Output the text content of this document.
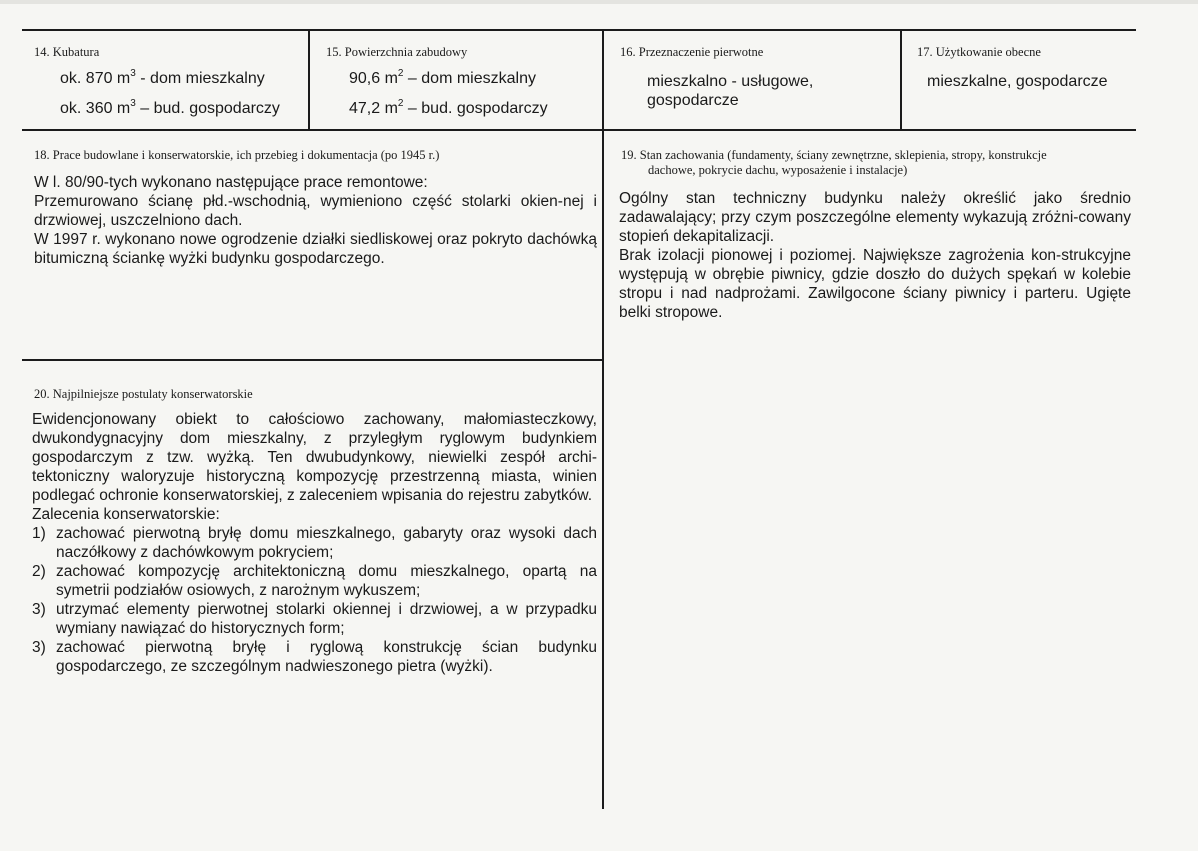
14. Kubatura
ok. 870 $m^3$ - dom mieszkalny
ok. 360 $m^3$ – bud. gospodarczy
15. Powierzchnia zabudowy
90,6 $m^2$ – dom mieszkalny
47,2 $m^2$ – bud. gospodarczy
16. Przeznaczenie pierwotne
mieszkalno - usługowe,
gospodarcze
17. Użytkowanie obecne
mieszkalne, gospodarcze
18. Prace budowlane i konserwatorskie, ich przebieg i dokumentacja (po 1945 r.)

W l. 80/90-tych wykonano następujące prace remontowe:

Przemurowano ścianę płd.-wschodnią, wymieniono część stolarki okien-nej i drzwiowej, uszczelniono dach.

W 1997 r. wykonano nowe ogrodzenie działki siedliskowej oraz pokryto dachówką bitumiczną ściankę wyżki budynku gospodarczego.

19. Stan zachowania (fundamenty, ściany zewnętrzne, sklepienia, stropy, konstrukcje
dachowe, pokrycie dachu, wyposażenie i instalacje)

Ogólny stan techniczny budynku należy określić jako średnio zadawalający; przy czym poszczególne elementy wykazują zróżni-cowany stopień dekapitalizacji.

Brak izolacji pionowej i poziomej. Największe zagrożenia kon-strukcyjne występują w obrębie piwnicy, gdzie doszło do dużych spękań w kolebie stropu i nad nadprożami. Zawilgocone ściany piwnicy i parteru. Ugięte belki stropowe.

20. Najpilniejsze postulaty konserwatorskie

Ewidencjonowany obiekt to całościowo zachowany, małomiasteczkowy, dwukondygnacyjny dom mieszkalny, z przyległym ryglowym budynkiem gospodarczym z tzw. wyżką. Ten dwubudynkowy, niewielki zespół archi-tektoniczny waloryzuje historyczną kompozycję przestrzenną miasta, winien podlegać ochronie konserwatorskiej, z zaleceniem wpisania do rejestru zabytków.

Zalecenia konserwatorskie:

1) zachować pierwotną bryłę domu mieszkalnego, gabaryty oraz wysoki dach naczółkowy z dachówkowym pokryciem;
2) zachować kompozycję architektoniczną domu mieszkalnego, opartą na symetrii podziałów osiowych, z narożnym wykuszem;
3) utrzymać elementy pierwotnej stolarki okiennej i drzwiowej, a w przypadku wymiany nawiązać do historycznych form;
3) zachować pierwotną bryłę i ryglową konstrukcję ścian budynku gospodarczego, ze szczególnym nadwieszonego pietra (wyżki).
